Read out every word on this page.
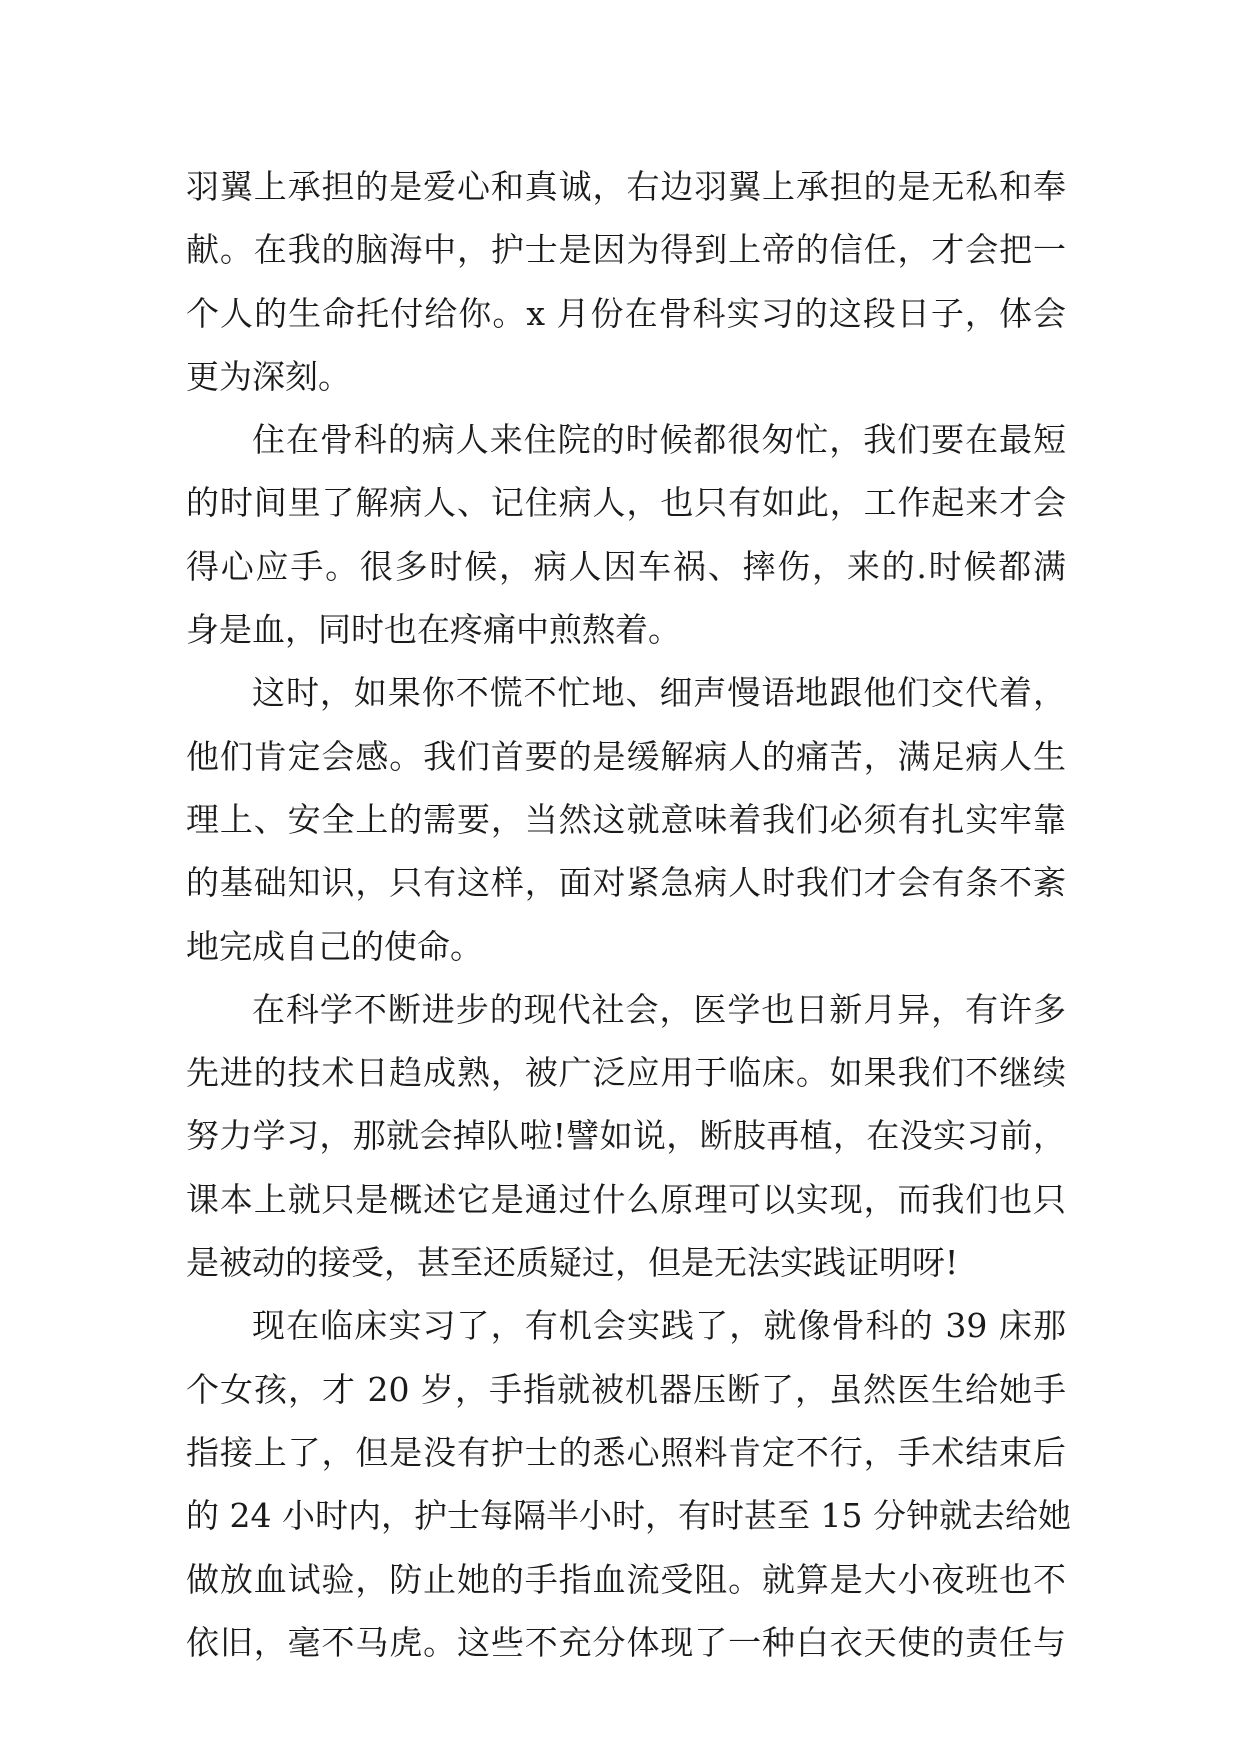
羽翼上承担的是爱心和真诚，右边羽翼上承担的是无私和奉
献。在我的脑海中，护士是因为得到上帝的信任，才会把一
个人的生命托付给你。x 月份在骨科实习的这段日子，体会
更为深刻。
住在骨科的病人来住院的时候都很匆忙，我们要在最短
的时间里了解病人、记住病人，也只有如此，工作起来才会
得心应手。很多时候，病人因车祸、摔伤，来的.时候都满
身是血，同时也在疼痛中煎熬着。
这时，如果你不慌不忙地、细声慢语地跟他们交代着，
他们肯定会感。我们首要的是缓解病人的痛苦，满足病人生
理上、安全上的需要，当然这就意味着我们必须有扎实牢靠
的基础知识，只有这样，面对紧急病人时我们才会有条不紊
地完成自己的使命。
在科学不断进步的现代社会，医学也日新月异，有许多
先进的技术日趋成熟，被广泛应用于临床。如果我们不继续
努力学习，那就会掉队啦!譬如说，断肢再植，在没实习前，
课本上就只是概述它是通过什么原理可以实现，而我们也只
是被动的接受，甚至还质疑过，但是无法实践证明呀!
现在临床实习了，有机会实践了，就像骨科的 39 床那
个女孩，才 20 岁，手指就被机器压断了，虽然医生给她手
指接上了，但是没有护士的悉心照料肯定不行，手术结束后
的 24 小时内，护士每隔半小时，有时甚至 15 分钟就去给她
做放血试验，防止她的手指血流受阻。就算是大小夜班也不
依旧，毫不马虎。这些不充分体现了一种白衣天使的责任与
